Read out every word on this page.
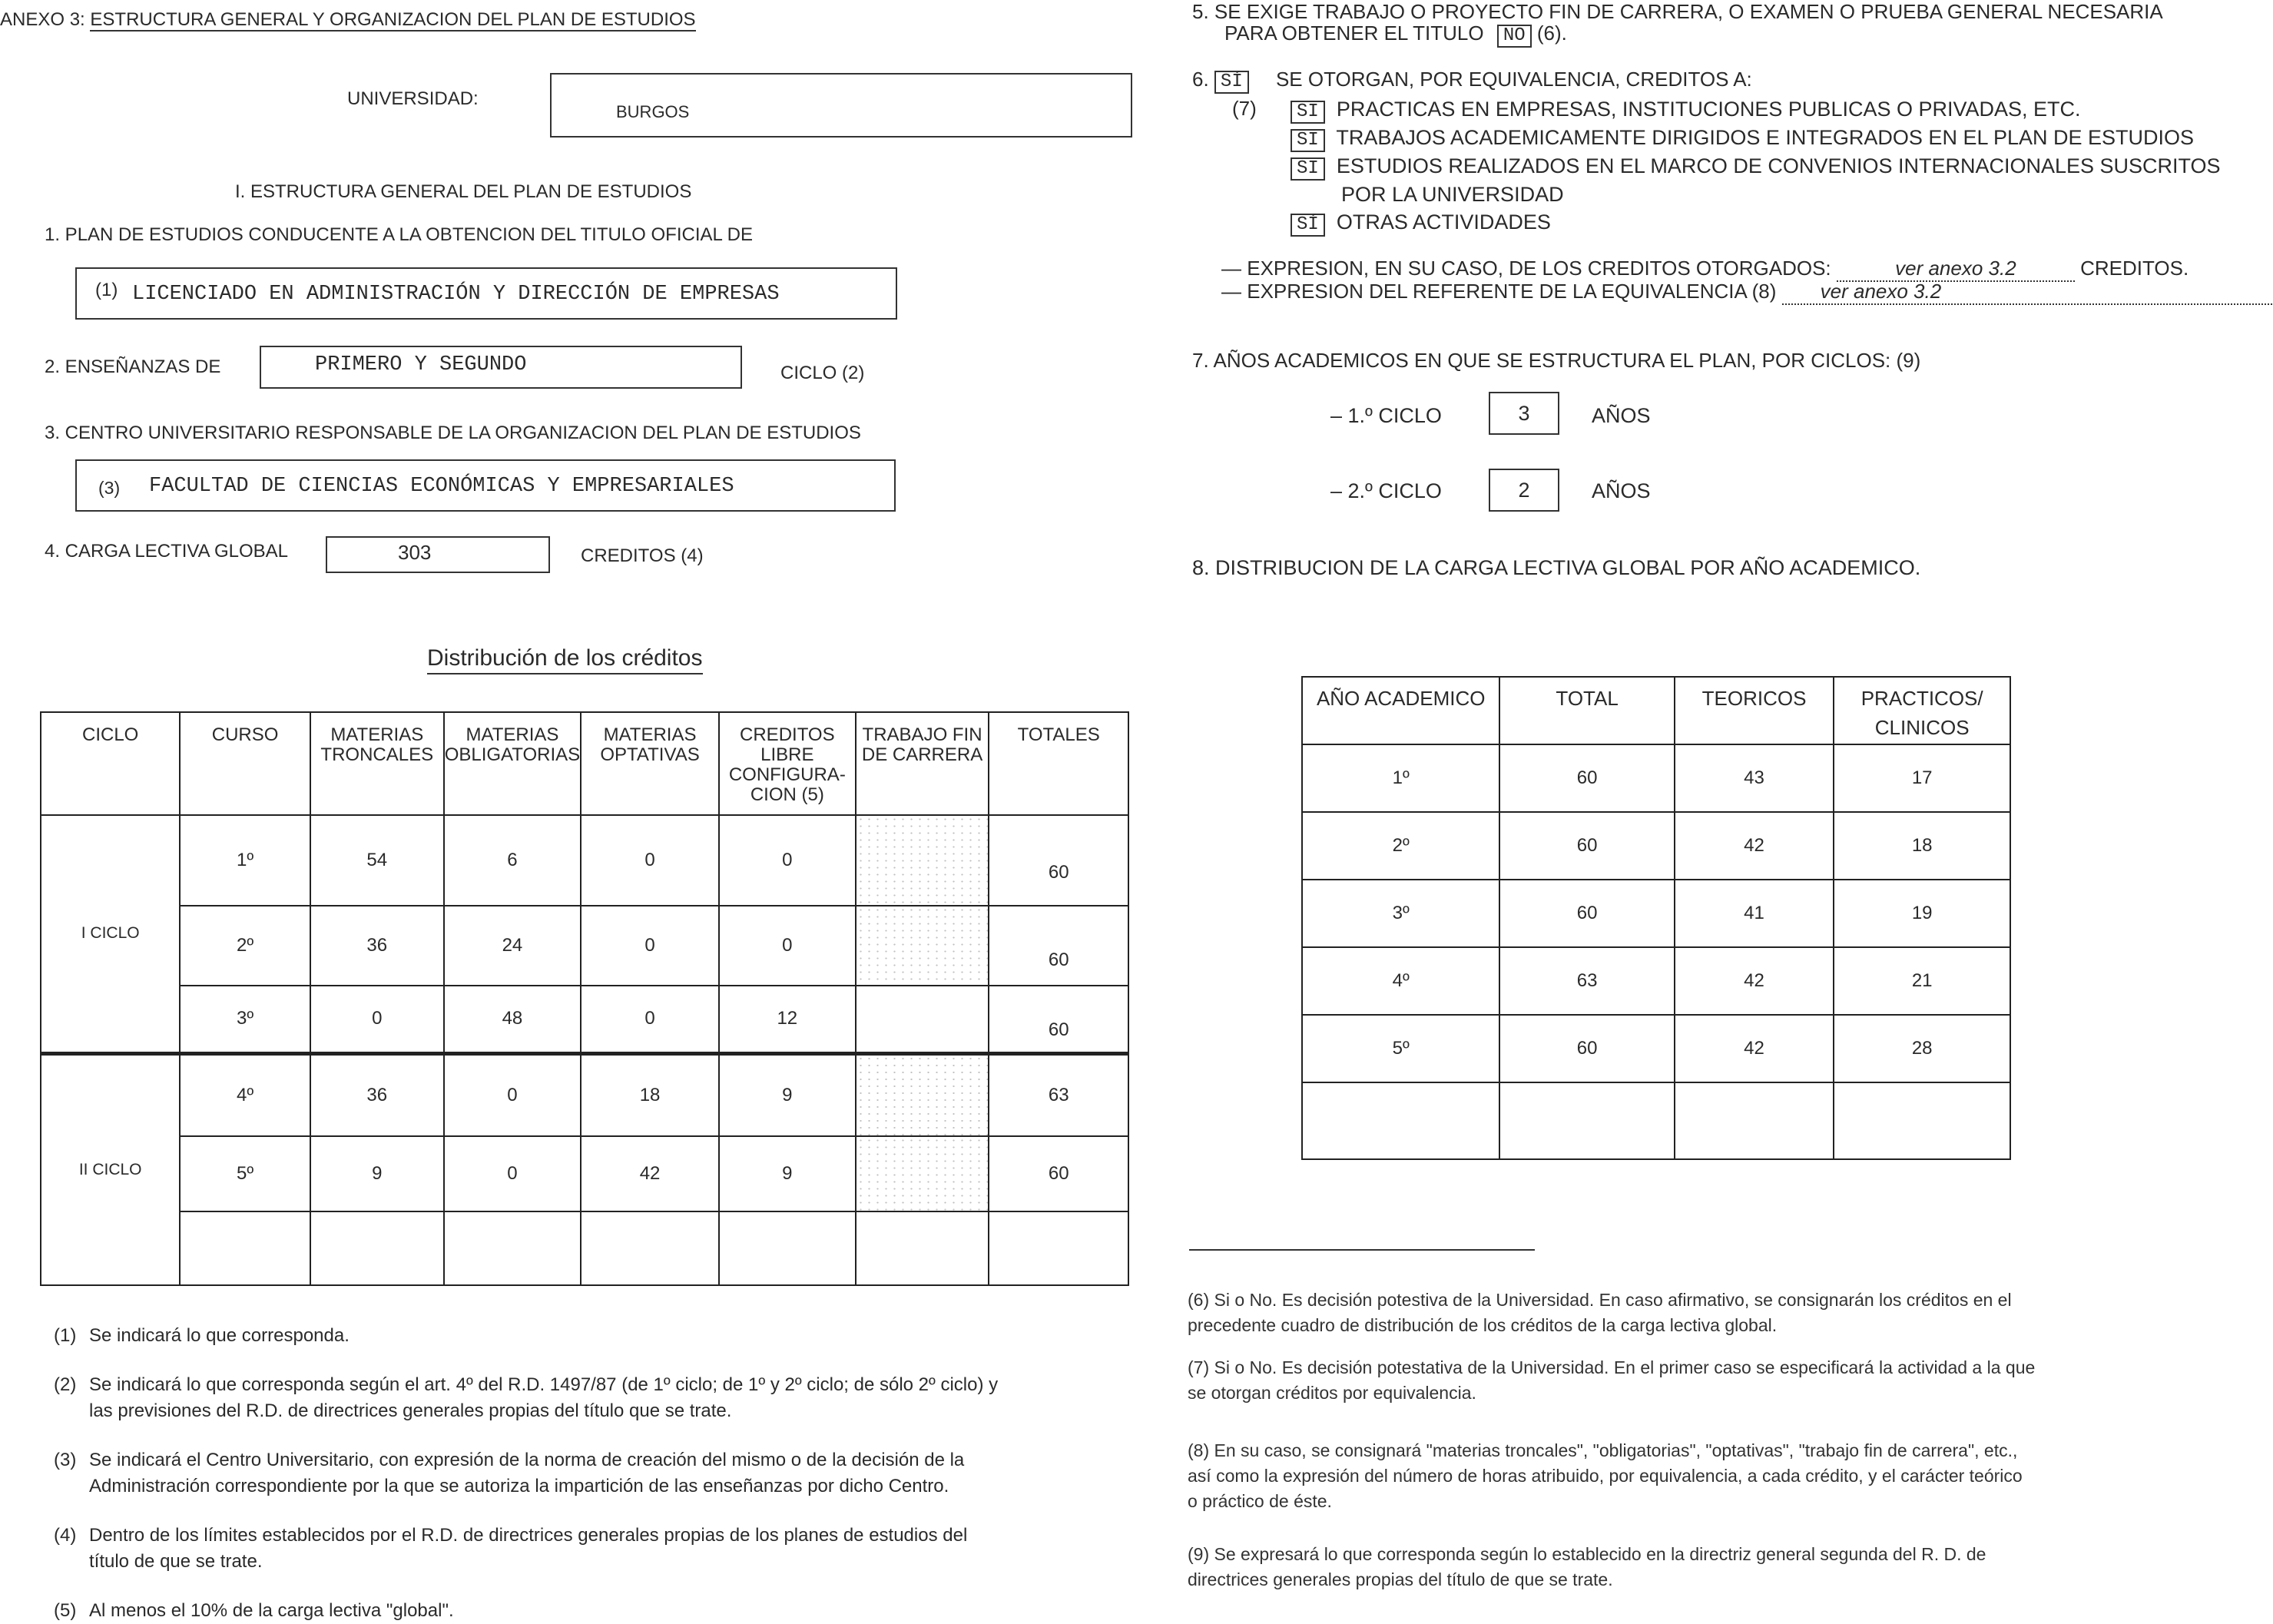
ANEXO 3: ESTRUCTURA GENERAL Y ORGANIZACION DEL PLAN DE ESTUDIOS
UNIVERSIDAD:
BURGOS
I. ESTRUCTURA GENERAL DEL PLAN DE ESTUDIOS
1. PLAN DE ESTUDIOS CONDUCENTE A LA OBTENCION DEL TITULO OFICIAL DE
(1) LICENCIADO EN ADMINISTRACIÓN Y DIRECCIÓN DE EMPRESAS
2. ENSEÑANZAS DE	PRIMERO Y SEGUNDO	CICLO (2)
3. CENTRO UNIVERSITARIO RESPONSABLE DE LA ORGANIZACION DEL PLAN DE ESTUDIOS
(3) FACULTAD DE CIENCIAS ECONÓMICAS Y EMPRESARIALES
4. CARGA LECTIVA GLOBAL	303	CREDITOS (4)
Distribución de los créditos
CICLO	CURSO	MATERIAS TRONCALES	MATERIAS OBLIGATORIAS	MATERIAS OPTATIVAS	CREDITOS LIBRE CONFIGURA- CION (5)	TRABAJO FIN DE CARRERA	TOTALES
I CICLO	1º	54	6	0	0		60
	2º	36	24	0	0		60
	3º	0	48	0	12		60
II CICLO	4º	36	0	18	9		63
	5º	9	0	42	9		60

(1) Se indicará lo que corresponda.
(2) Se indicará lo que corresponda según el art. 4º del R.D. 1497/87 (de 1º ciclo; de 1º y 2º ciclo; de sólo 2º ciclo) y
las previsiones del R.D. de directrices generales propias del título que se trate.
(3) Se indicará el Centro Universitario, con expresión de la norma de creación del mismo o de la decisión de la
Administración correspondiente por la que se autoriza la impartición de las enseñanzas por dicho Centro.
(4) Dentro de los límites establecidos por el R.D. de directrices generales propias de los planes de estudios del
título de que se trate.
(5) Al menos el 10% de la carga lectiva "global".
5. SE EXIGE TRABAJO O PROYECTO FIN DE CARRERA, O EXAMEN O PRUEBA GENERAL NECESARIA
PARA OBTENER EL TITULO NO (6).
6. SÍ SE OTORGAN, POR EQUIVALENCIA, CREDITOS A:
(7)	SI PRACTICAS EN EMPRESAS, INSTITUCIONES PUBLICAS O PRIVADAS, ETC.
SI TRABAJOS ACADEMICAMENTE DIRIGIDOS E INTEGRADOS EN EL PLAN DE ESTUDIOS
SI ESTUDIOS REALIZADOS EN EL MARCO DE CONVENIOS INTERNACIONALES SUSCRITOS
POR LA UNIVERSIDAD
SÍ OTRAS ACTIVIDADES
— EXPRESION, EN SU CASO, DE LOS CREDITOS OTORGADOS:	ver anexo 3.2	CREDITOS.
— EXPRESION DEL REFERENTE DE LA EQUIVALENCIA (8) ver anexo 3.2
7. AÑOS ACADEMICOS EN QUE SE ESTRUCTURA EL PLAN, POR CICLOS: (9)
– 1.º CICLO	3	AÑOS
– 2.º CICLO	2	AÑOS
8. DISTRIBUCION DE LA CARGA LECTIVA GLOBAL POR AÑO ACADEMICO.
AÑO ACADEMICO	TOTAL	TEORICOS	PRACTICOS/ CLINICOS
1º	60	43	17
2º	60	42	18
3º	60	41	19
4º	63	42	21
5º	60	42	28

(6) Si o No. Es decisión potestiva de la Universidad. En caso afirmativo, se consignarán los créditos en el
precedente cuadro de distribución de los créditos de la carga lectiva global.
(7) Si o No. Es decisión potestativa de la Universidad. En el primer caso se especificará la actividad a la que
se otorgan créditos por equivalencia.
(8) En su caso, se consignará "materias troncales", "obligatorias", "optativas", "trabajo fin de carrera", etc.,
así como la expresión del número de horas atribuido, por equivalencia, a cada crédito, y el carácter teórico
o práctico de éste.
(9) Se expresará lo que corresponda según lo establecido en la directriz general segunda del R. D. de
directrices generales propias del título de que se trate.
